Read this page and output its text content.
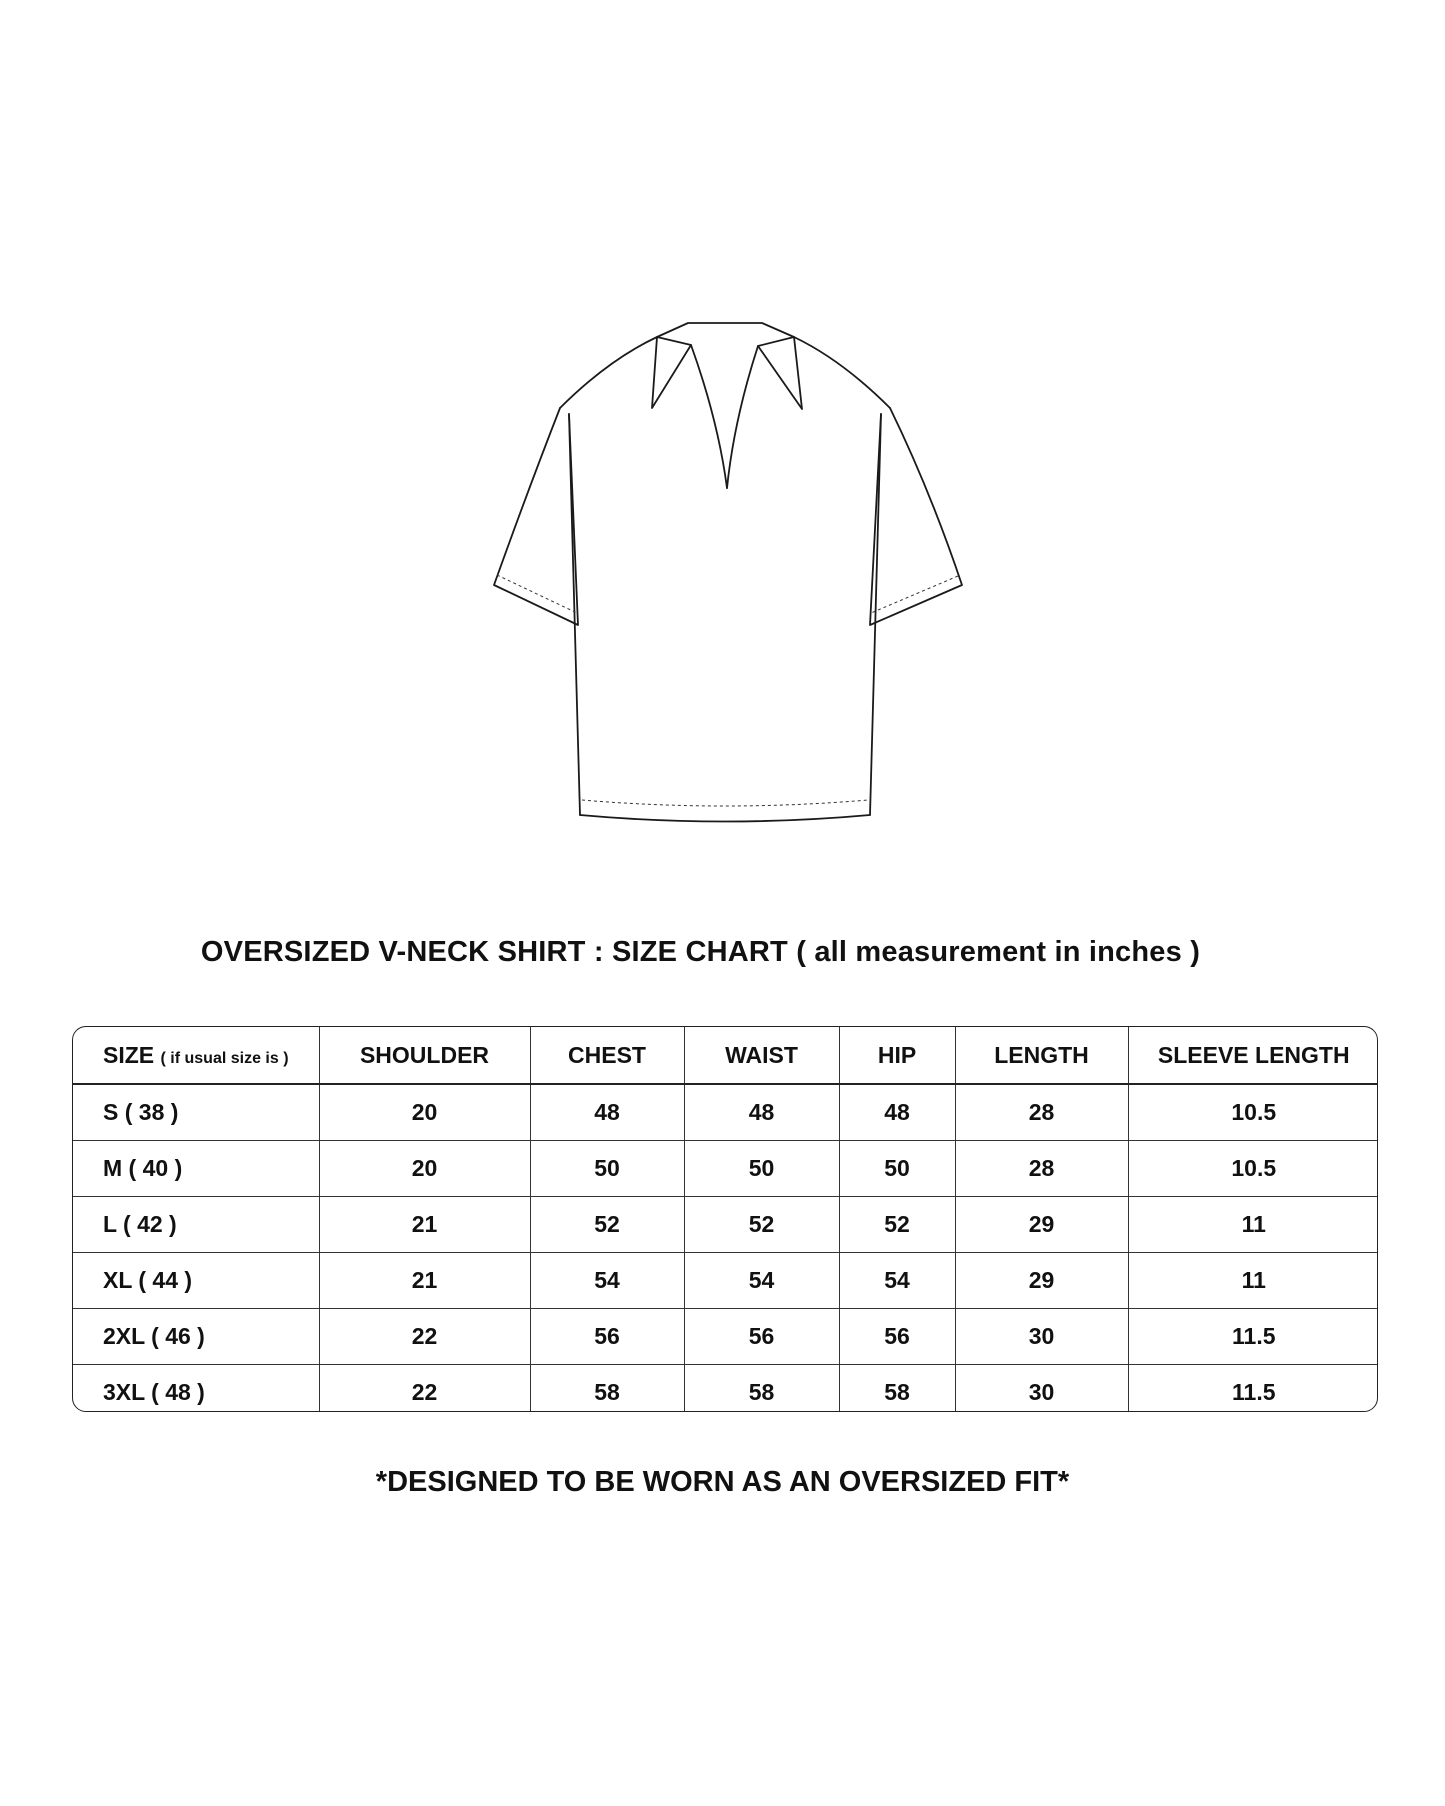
OVERSIZED V-NECK SHIRT : SIZE CHART ( all measurement in inches )
SIZE ( if usual size is )	SHOULDER	CHEST	WAIST	HIP	LENGTH	SLEEVE LENGTH
S ( 38 )	20	48	48	48	28	10.5
M ( 40 )	20	50	50	50	28	10.5
L ( 42 )	21	52	52	52	29	11
XL ( 44 )	21	54	54	54	29	11
2XL ( 46 )	22	56	56	56	30	11.5
3XL ( 48 )	22	58	58	58	30	11.5
*DESIGNED TO BE WORN AS AN OVERSIZED FIT*
